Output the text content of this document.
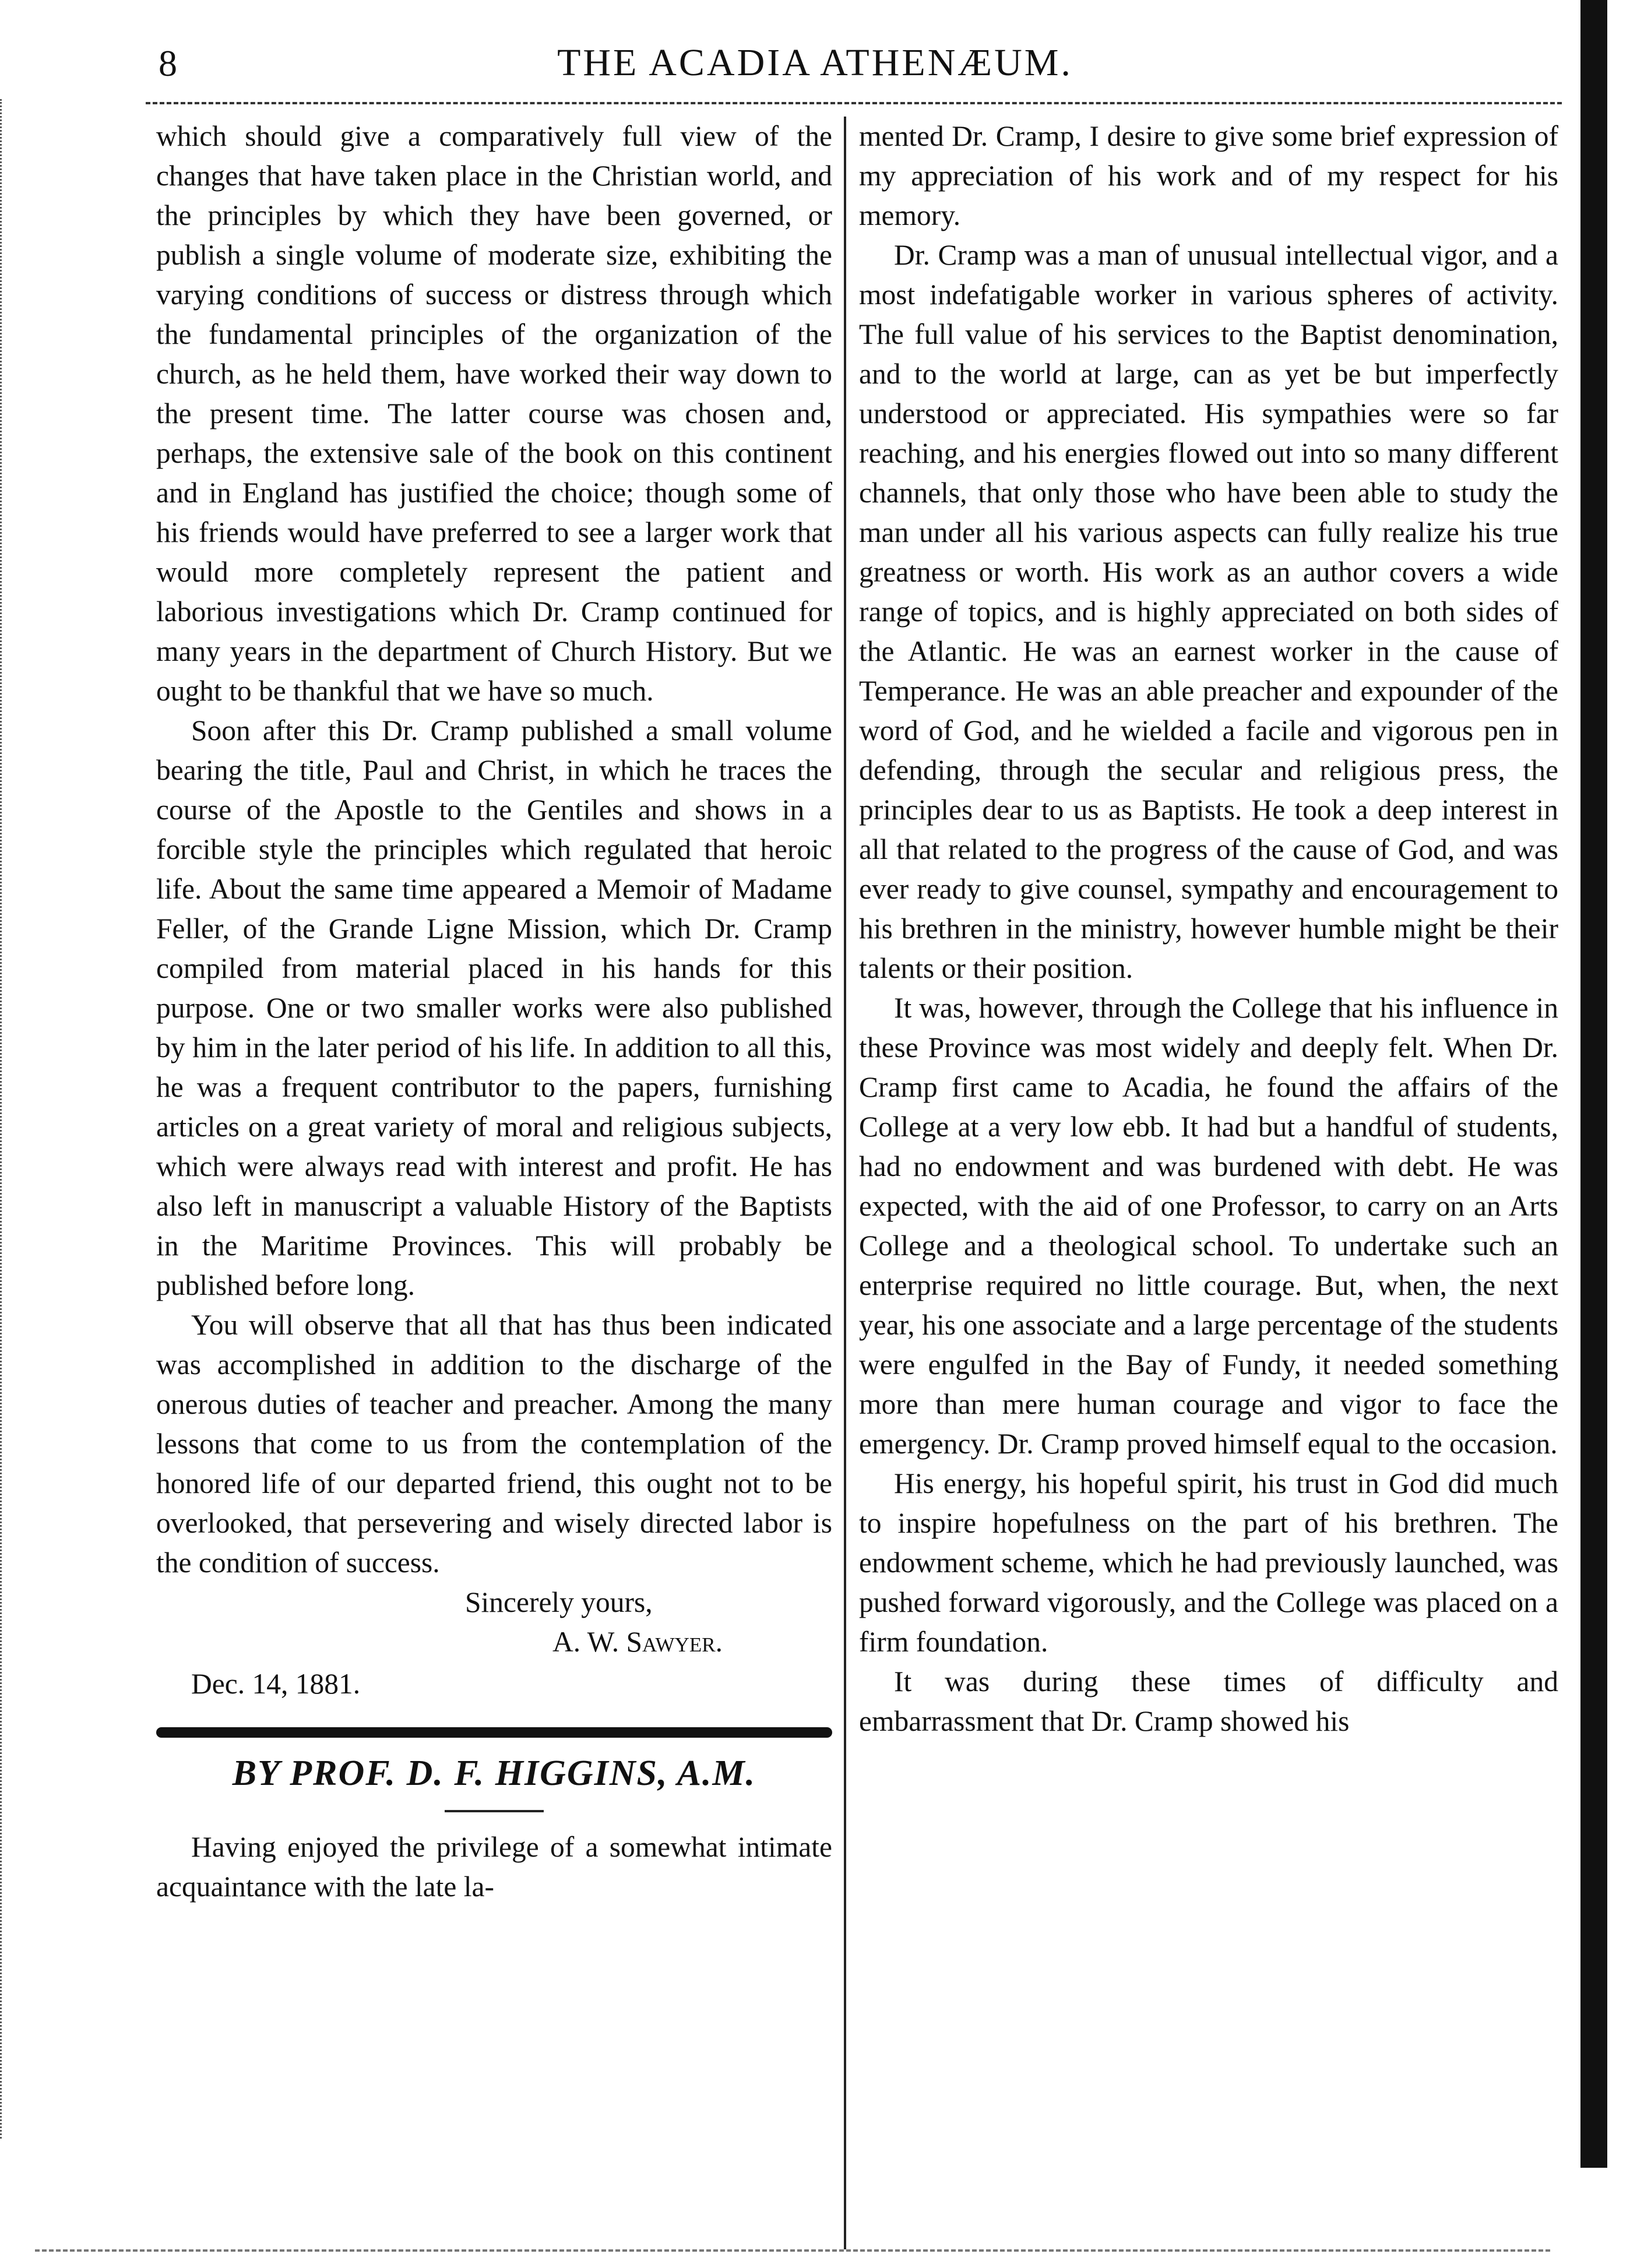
8	THE ACADIA ATHENÆUM.

which should give a comparatively full view of the changes that have taken place in the Christian world, and the principles by which they have been governed, or publish a single volume of moderate size, exhibiting the varying conditions of success or distress through which the fundamental principles of the organization of the church, as he held them, have worked their way down to the present time. The latter course was chosen and, perhaps, the extensive sale of the book on this continent and in England has justified the choice; though some of his friends would have preferred to see a larger work that would more completely represent the patient and laborious investigations which Dr. Cramp continued for many years in the department of Church History. But we ought to be thankful that we have so much.

Soon after this Dr. Cramp published a small volume bearing the title, Paul and Christ, in which he traces the course of the Apostle to the Gentiles and shows in a forcible style the principles which regulated that heroic life. About the same time appeared a Memoir of Madame Feller, of the Grande Ligne Mission, which Dr. Cramp compiled from material placed in his hands for this purpose. One or two smaller works were also published by him in the later period of his life. In addition to all this, he was a frequent contributor to the papers, furnishing articles on a great variety of moral and religious subjects, which were always read with interest and profit. He has also left in manuscript a valuable History of the Baptists in the Maritime Provinces. This will probably be published before long.

You will observe that all that has thus been indicated was accomplished in addition to the discharge of the onerous duties of teacher and preacher. Among the many lessons that come to us from the contemplation of the honored life of our departed friend, this ought not to be overlooked, that persevering and wisely directed labor is the condition of success.

Sincerely yours,

A. W. Sawyer.

Dec. 14, 1881.

BY PROF. D. F. HIGGINS, A.M.

Having enjoyed the privilege of a somewhat intimate acquaintance with the late la-

mented Dr. Cramp, I desire to give some brief expression of my appreciation of his work and of my respect for his memory.

Dr. Cramp was a man of unusual intellectual vigor, and a most indefatigable worker in various spheres of activity. The full value of his services to the Baptist denomination, and to the world at large, can as yet be but imperfectly understood or appreciated. His sympathies were so far reaching, and his energies flowed out into so many different channels, that only those who have been able to study the man under all his various aspects can fully realize his true greatness or worth. His work as an author covers a wide range of topics, and is highly appreciated on both sides of the Atlantic. He was an earnest worker in the cause of Temperance. He was an able preacher and expounder of the word of God, and he wielded a facile and vigorous pen in defending, through the secular and religious press, the principles dear to us as Baptists. He took a deep interest in all that related to the progress of the cause of God, and was ever ready to give counsel, sympathy and encouragement to his brethren in the ministry, however humble might be their talents or their position.

It was, however, through the College that his influence in these Province was most widely and deeply felt. When Dr. Cramp first came to Acadia, he found the affairs of the College at a very low ebb. It had but a handful of students, had no endowment and was burdened with debt. He was expected, with the aid of one Professor, to carry on an Arts College and a theological school. To undertake such an enterprise required no little courage. But, when, the next year, his one associate and a large percentage of the students were engulfed in the Bay of Fundy, it needed something more than mere human courage and vigor to face the emergency. Dr. Cramp proved himself equal to the occasion.

His energy, his hopeful spirit, his trust in God did much to inspire hopefulness on the part of his brethren. The endowment scheme, which he had previously launched, was pushed forward vigorously, and the College was placed on a firm foundation.

It was during these times of difficulty and embarrassment that Dr. Cramp showed his
